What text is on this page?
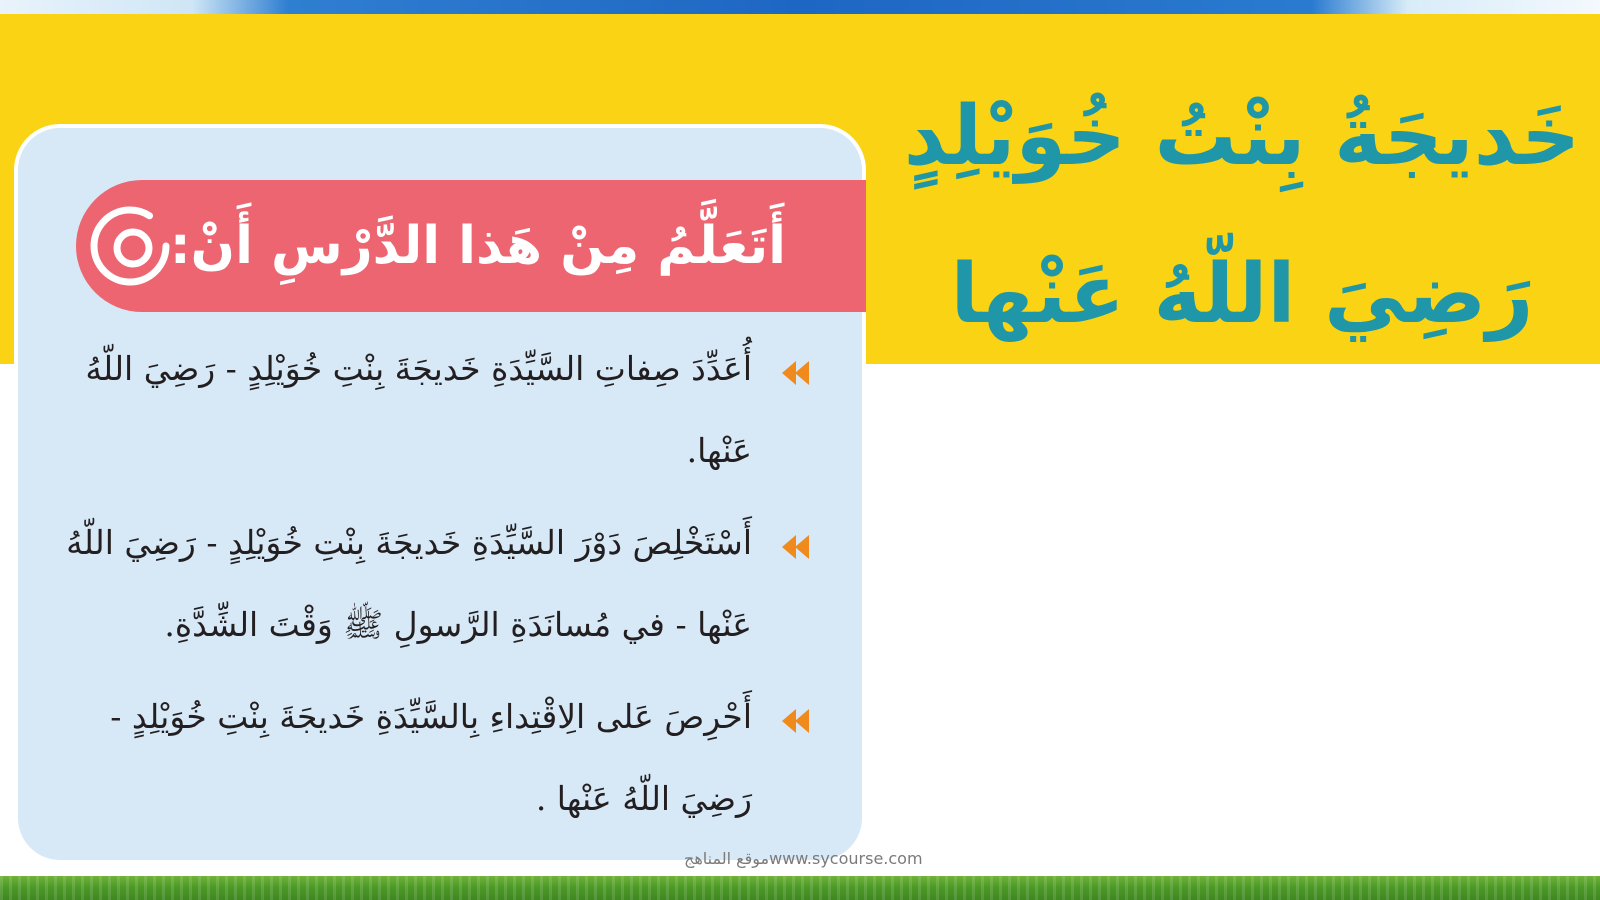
خَديجَةُ بِنْتُ خُوَيْلِدٍ
رَضِيَ اللّهُ عَنْها
أَتَعَلَّمُ مِنْ هَذا الدَّرْسِ أَنْ:
أُعَدِّدَ صِفاتِ السَّيِّدَةِ خَديجَةَ بِنْتِ خُوَيْلِدٍ - رَضِيَ اللّهُ عَنْها.
أَسْتَخْلِصَ دَوْرَ السَّيِّدَةِ خَديجَةَ بِنْتِ خُوَيْلِدٍ - رَضِيَ اللّهُ عَنْها - في مُسانَدَةِ الرَّسولِ ﷺ وَقْتَ الشِّدَّةِ.
أَحْرِصَ عَلى الِاقْتِداءِ بِالسَّيِّدَةِ خَديجَةَ بِنْتِ خُوَيْلِدٍ - رَضِيَ اللّهُ عَنْها .
موقع المناهجwww.sycourse.com
